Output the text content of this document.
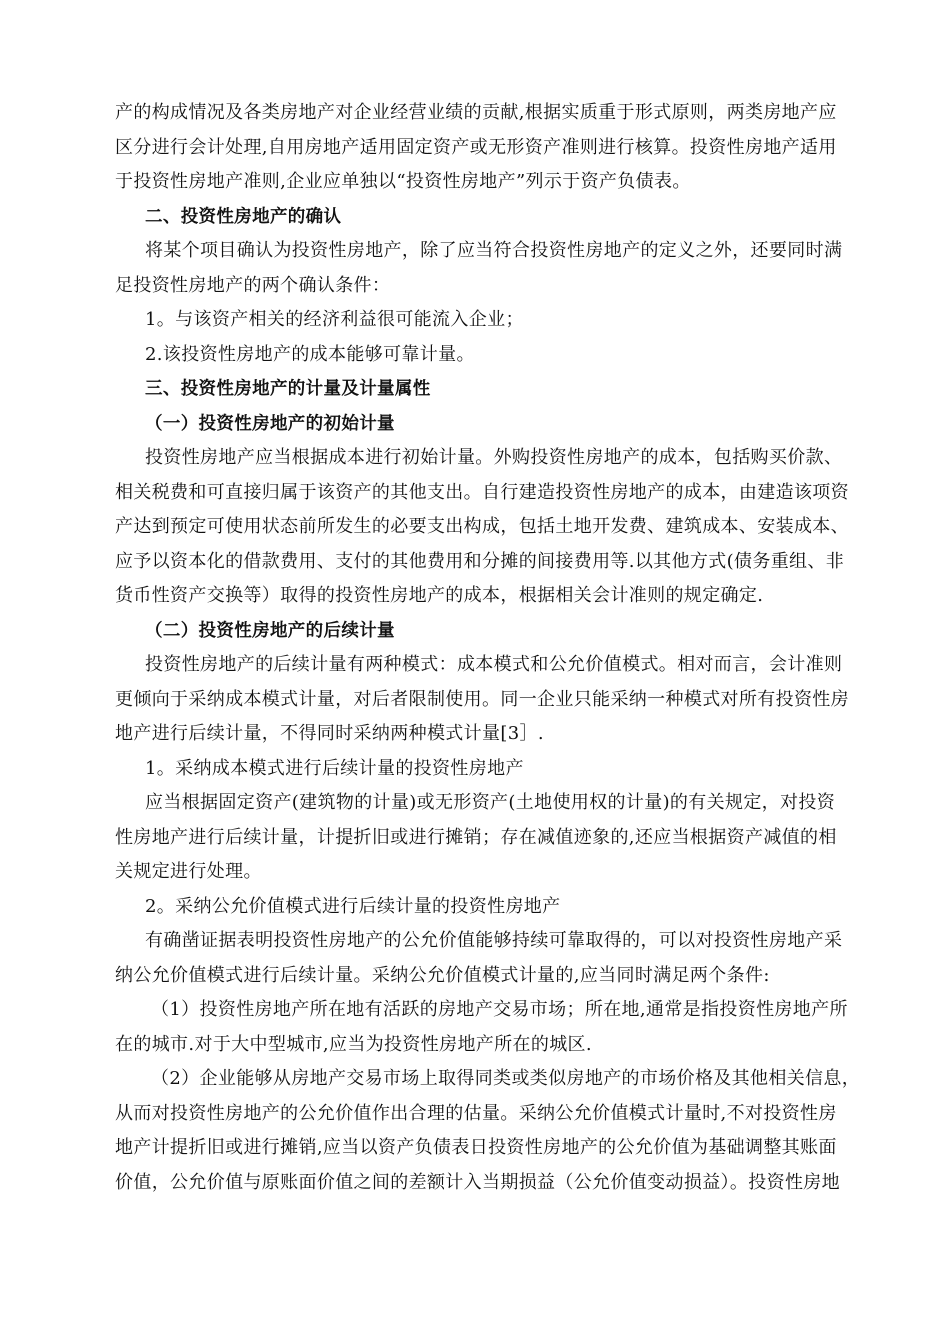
产的构成情况及各类房地产对企业经营业绩的贡献,根据实质重于形式原则，两类房地产应
区分进行会计处理,自用房地产适用固定资产或无形资产准则进行核算。投资性房地产适用
于投资性房地产准则,企业应单独以“投资性房地产”列示于资产负债表。
二、投资性房地产的确认
将某个项目确认为投资性房地产，除了应当符合投资性房地产的定义之外，还要同时满
足投资性房地产的两个确认条件：
1。与该资产相关的经济利益很可能流入企业；
2.该投资性房地产的成本能够可靠计量。
三、投资性房地产的计量及计量属性
（一）投资性房地产的初始计量
投资性房地产应当根据成本进行初始计量。外购投资性房地产的成本，包括购买价款、
相关税费和可直接归属于该资产的其他支出。自行建造投资性房地产的成本，由建造该项资
产达到预定可使用状态前所发生的必要支出构成，包括土地开发费、建筑成本、安装成本、
应予以资本化的借款费用、支付的其他费用和分摊的间接费用等.以其他方式(债务重组、非
货币性资产交换等）取得的投资性房地产的成本，根据相关会计准则的规定确定.
（二）投资性房地产的后续计量
投资性房地产的后续计量有两种模式：成本模式和公允价值模式。相对而言，会计准则
更倾向于采纳成本模式计量，对后者限制使用。同一企业只能采纳一种模式对所有投资性房
地产进行后续计量，不得同时采纳两种模式计量[3］.
1。采纳成本模式进行后续计量的投资性房地产
应当根据固定资产(建筑物的计量)或无形资产(土地使用权的计量)的有关规定，对投资
性房地产进行后续计量，计提折旧或进行摊销；存在减值迹象的,还应当根据资产减值的相
关规定进行处理。
2。采纳公允价值模式进行后续计量的投资性房地产
有确凿证据表明投资性房地产的公允价值能够持续可靠取得的，可以对投资性房地产采
纳公允价值模式进行后续计量。采纳公允价值模式计量的,应当同时满足两个条件:
（1）投资性房地产所在地有活跃的房地产交易市场；所在地,通常是指投资性房地产所
在的城市.对于大中型城市,应当为投资性房地产所在的城区.
（2）企业能够从房地产交易市场上取得同类或类似房地产的市场价格及其他相关信息，
从而对投资性房地产的公允价值作出合理的估量。采纳公允价值模式计量时,不对投资性房
地产计提折旧或进行摊销,应当以资产负债表日投资性房地产的公允价值为基础调整其账面
价值，公允价值与原账面价值之间的差额计入当期损益（公允价值变动损益）。投资性房地
